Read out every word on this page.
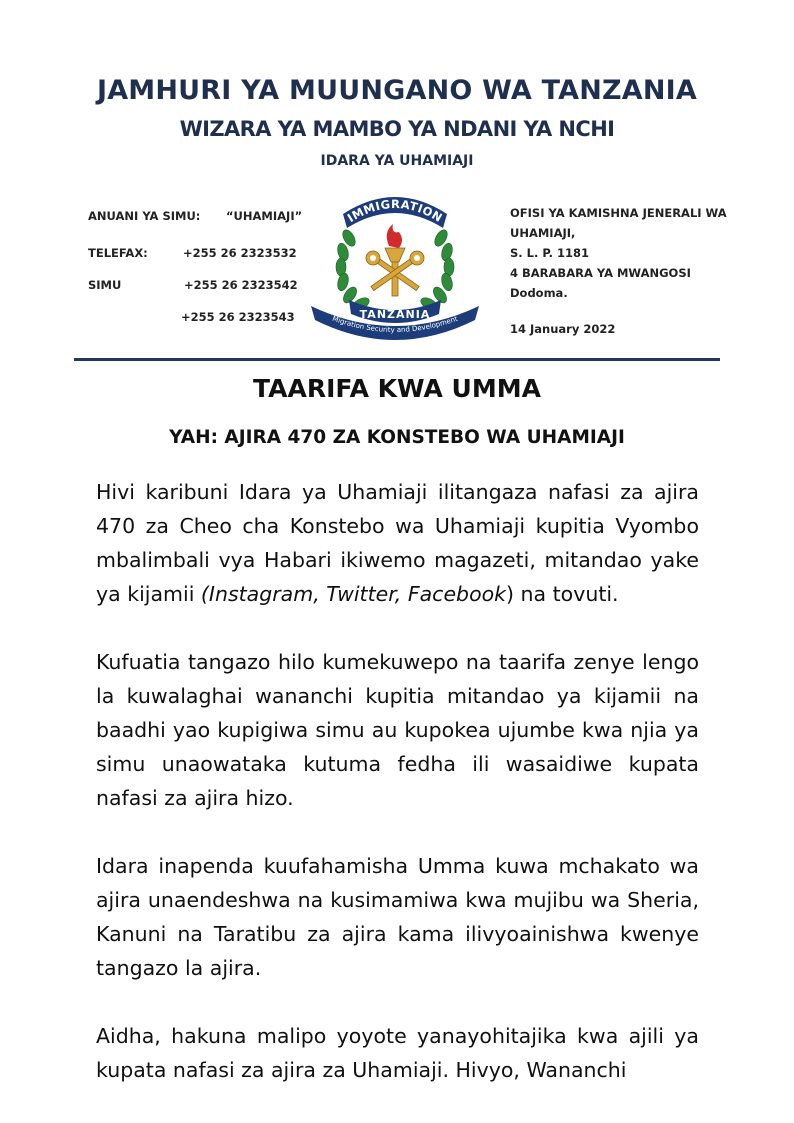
JAMHURI YA MUUNGANO WA TANZANIA
WIZARA YA MAMBO YA NDANI YA NCHI
IDARA YA UHAMIAJI
ANUANI YA SIMU: “UHAMIAJI”
TELEFAX:	+255 26 2323532
SIMU	+255 26 2323542
+255 26 2323543
IMMIGRATION
TANZANIA
Migration Security and Development
OFISI YA KAMISHNA JENERALI WA
UHAMIAJI,
S. L. P. 1181
4 BARABARA YA MWANGOSI
Dodoma.
14 January 2022
TAARIFA KWA UMMA
YAH: AJIRA 470 ZA KONSTEBO WA UHAMIAJI

Hivi karibuni Idara ya Uhamiaji ilitangaza nafasi za ajira 470 za Cheo cha Konstebo wa Uhamiaji kupitia Vyombo mbalimbali vya Habari ikiwemo magazeti, mitandao yake ya kijamii (Instagram, Twitter, Facebook) na tovuti.

Kufuatia tangazo hilo kumekuwepo na taarifa zenye lengo la kuwalaghai wananchi kupitia mitandao ya kijamii na baadhi yao kupigiwa simu au kupokea ujumbe kwa njia ya simu unaowataka kutuma fedha ili wasaidiwe kupata nafasi za ajira hizo.

Idara inapenda kuufahamisha Umma kuwa mchakato wa ajira unaendeshwa na kusimamiwa kwa mujibu wa Sheria, Kanuni na Taratibu za ajira kama ilivyoainishwa kwenye tangazo la ajira.

Aidha, hakuna malipo yoyote yanayohitajika kwa ajili ya kupata nafasi za ajira za Uhamiaji. Hivyo, Wananchi
